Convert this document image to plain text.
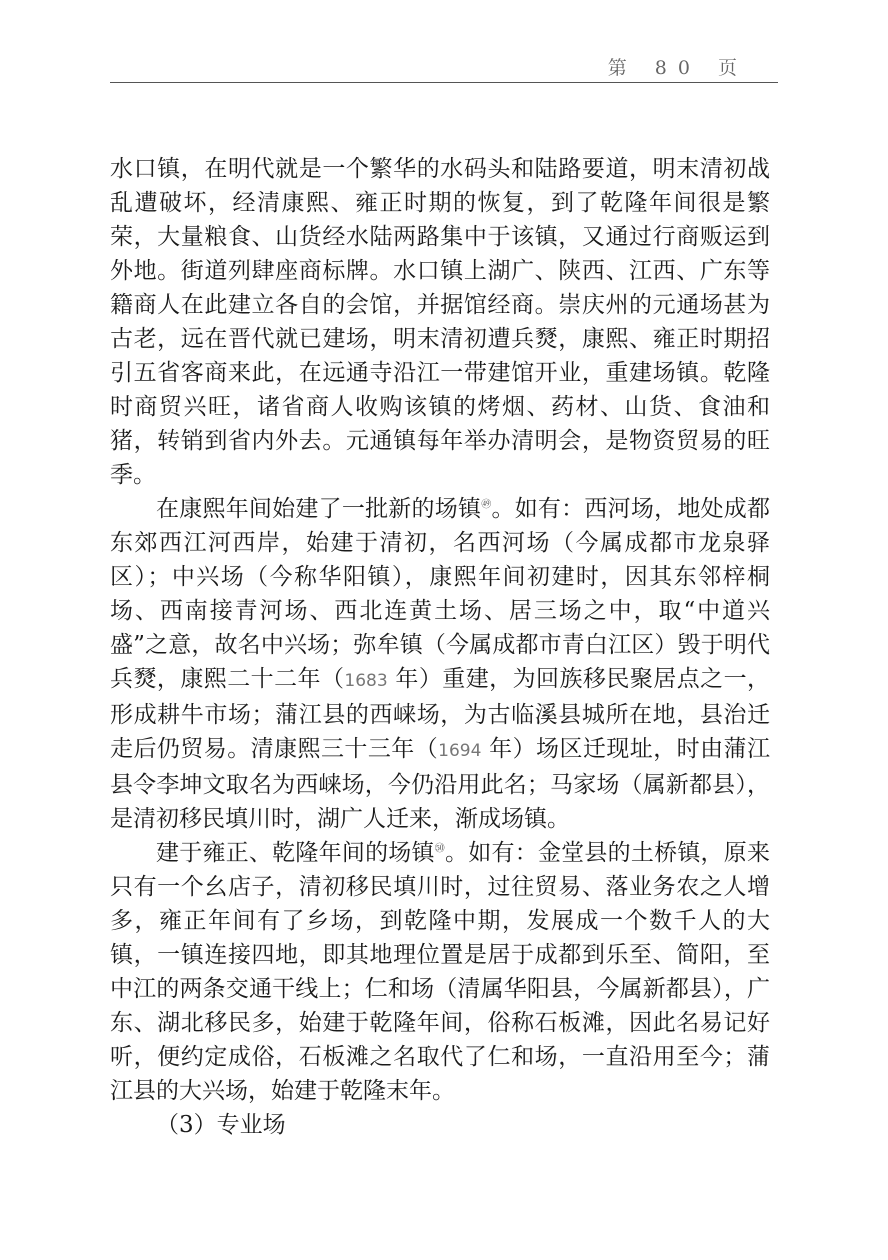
第 80 页

水口镇，在明代就是一个繁华的水码头和陆路要道，明末清初战乱遭破坏，经清康熙、雍正时期的恢复，到了乾隆年间很是繁荣，大量粮食、山货经水陆两路集中于该镇，又通过行商贩运到外地。街道列肆座商标牌。水口镇上湖广、陕西、江西、广东等籍商人在此建立各自的会馆，并据馆经商。崇庆州的元通场甚为古老，远在晋代就已建场，明末清初遭兵燹，康熙、雍正时期招引五省客商来此，在远通寺沿江一带建馆开业，重建场镇。乾隆时商贸兴旺，诸省商人收购该镇的烤烟、药材、山货、食油和猪，转销到省内外去。元通镇每年举办清明会，是物资贸易的旺季。

在康熙年间始建了一批新的场镇$^㊾$。如有：西河场，地处成都东郊西江河西岸，始建于清初，名西河场（今属成都市龙泉驿区）；中兴场（今称华阳镇），康熙年间初建时，因其东邻梓桐场、西南接青河场、西北连黄土场、居三场之中，取“中道兴盛”之意，故名中兴场；弥牟镇（今属成都市青白江区）毁于明代兵燹，康熙二十二年（1683 年）重建，为回族移民聚居点之一，形成耕牛市场；蒲江县的西崃场，为古临溪县城所在地，县治迁走后仍贸易。清康熙三十三年（1694 年）场区迁现址，时由蒲江县令李坤文取名为西崃场，今仍沿用此名；马家场（属新都县），是清初移民填川时，湖广人迁来，渐成场镇。

建于雍正、乾隆年间的场镇$^㊿$。如有：金堂县的土桥镇，原来只有一个幺店子，清初移民填川时，过往贸易、落业务农之人增多，雍正年间有了乡场，到乾隆中期，发展成一个数千人的大镇，一镇连接四地，即其地理位置是居于成都到乐至、简阳，至中江的两条交通干线上；仁和场（清属华阳县，今属新都县），广东、湖北移民多，始建于乾隆年间，俗称石板滩，因此名易记好听，便约定成俗，石板滩之名取代了仁和场，一直沿用至今；蒲江县的大兴场，始建于乾隆末年。

（3）专业场
